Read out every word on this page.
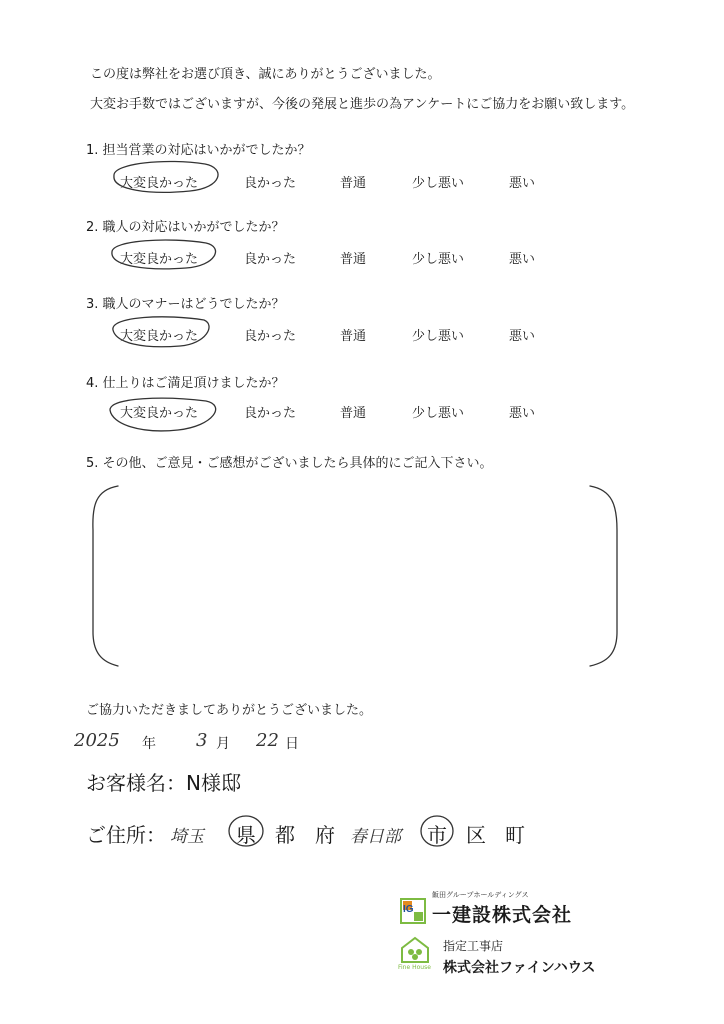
この度は弊社をお選び頂き、誠にありがとうございました。
大変お手数ではございますが、今後の発展と進歩の為アンケートにご協力をお願い致します。
1. 担当営業の対応はいかがでしたか？
大変良かった	良かった	普通	少し悪い	悪い
2. 職人の対応はいかがでしたか？
大変良かった	良かった	普通	少し悪い	悪い
3. 職人のマナーはどうでしたか？
大変良かった	良かった	普通	少し悪い	悪い
4. 仕上りはご満足頂けましたか？
大変良かった	良かった	普通	少し悪い	悪い
5. その他、ご意見・ご感想がございましたら具体的にご記入下さい。
ご協力いただきましてありがとうございました。
2025 年 3 月 22 日
お客様名：N様邸
ご住所： 埼玉 県 都 府 春日部 市 区 町
IG
飯田グループホールディングス
一建設株式会社
Fine House
指定工事店
株式会社ファインハウス
